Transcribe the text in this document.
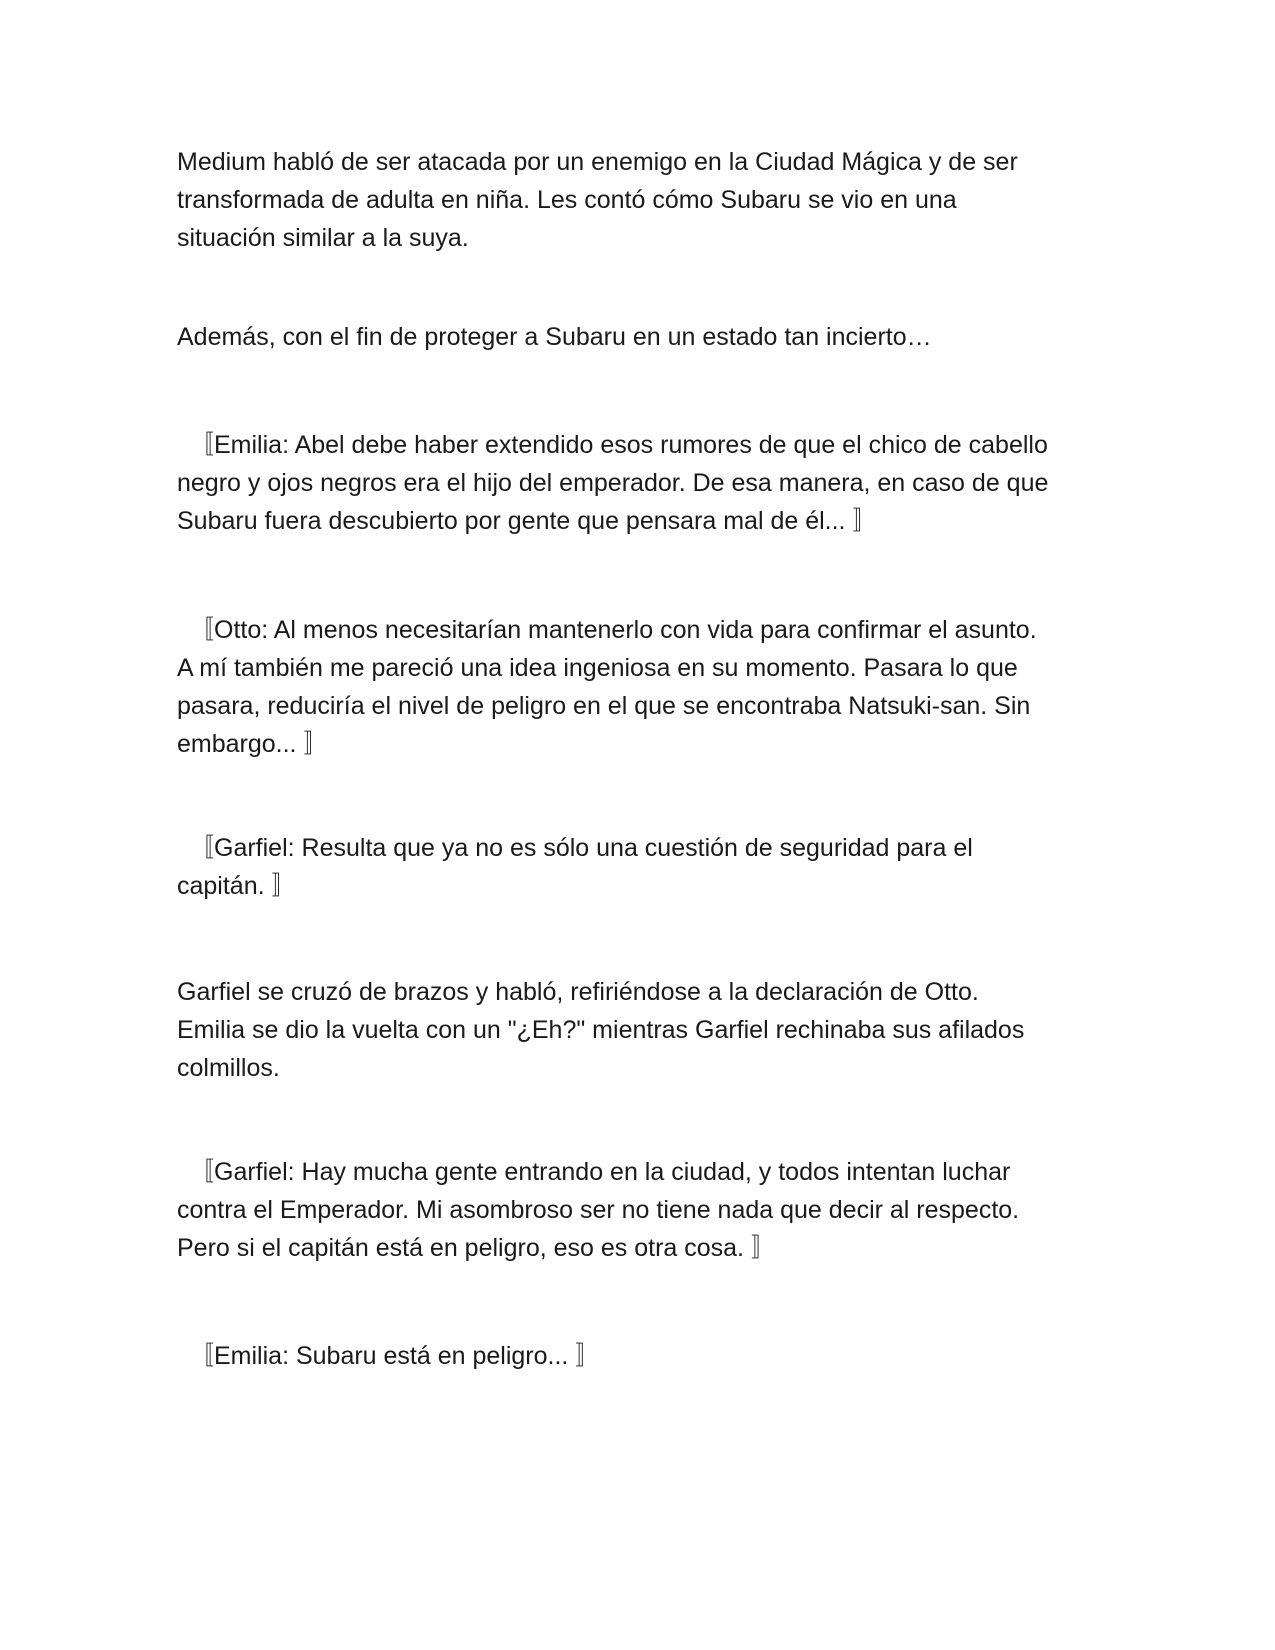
Medium habló de ser atacada por un enemigo en la Ciudad Mágica y de ser
transformada de adulta en niña. Les contó cómo Subaru se vio en una
situación similar a la suya.

Además, con el fin de proteger a Subaru en un estado tan incierto…

〚Emilia: Abel debe haber extendido esos rumores de que el chico de cabello
negro y ojos negros era el hijo del emperador. De esa manera, en caso de que
Subaru fuera descubierto por gente que pensara mal de él... 〛

〚Otto: Al menos necesitarían mantenerlo con vida para confirmar el asunto.
A mí también me pareció una idea ingeniosa en su momento. Pasara lo que
pasara, reduciría el nivel de peligro en el que se encontraba Natsuki-san. Sin
embargo... 〛

〚Garfiel: Resulta que ya no es sólo una cuestión de seguridad para el
capitán. 〛

Garfiel se cruzó de brazos y habló, refiriéndose a la declaración de Otto.
Emilia se dio la vuelta con un "¿Eh?" mientras Garfiel rechinaba sus afilados
colmillos.

〚Garfiel: Hay mucha gente entrando en la ciudad, y todos intentan luchar
contra el Emperador. Mi asombroso ser no tiene nada que decir al respecto.
Pero si el capitán está en peligro, eso es otra cosa. 〛

〚Emilia: Subaru está en peligro... 〛
